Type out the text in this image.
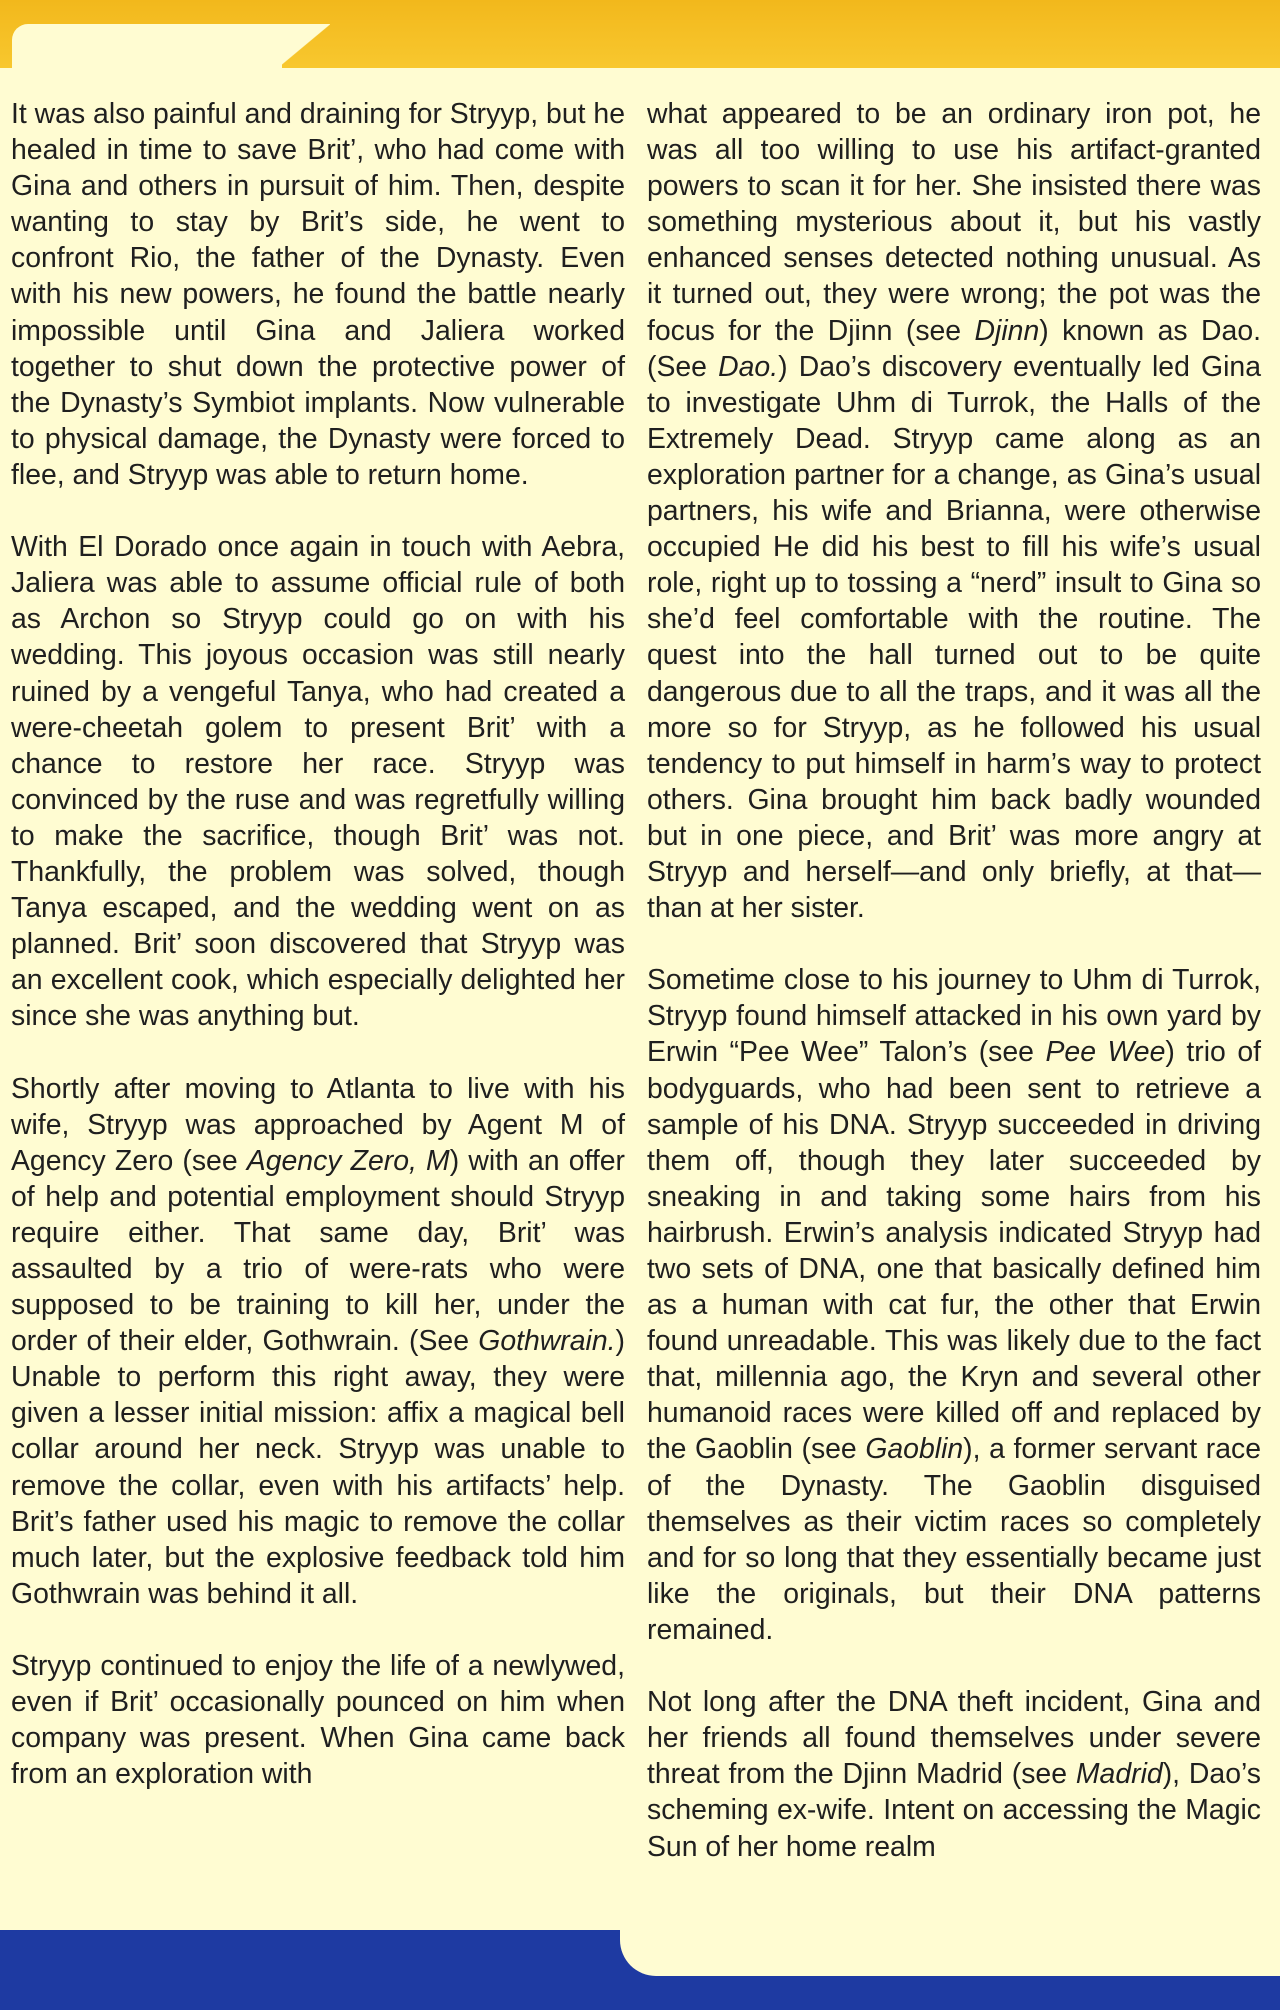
It was also painful and draining for Stryyp, but he healed in time to save Brit’, who had come with Gina and others in pursuit of him. Then, despite wanting to stay by Brit’s side, he went to confront Rio, the father of the Dynasty. Even with his new powers, he found the battle nearly impossible until Gina and Jaliera worked together to shut down the protective power of the Dynasty’s Symbiot implants. Now vulnerable to physical damage, the Dynasty were forced to flee, and Stryyp was able to return home.

With El Dorado once again in touch with Aebra, Jaliera was able to assume official rule of both as Archon so Stryyp could go on with his wedding. This joyous occasion was still nearly ruined by a vengeful Tanya, who had created a were-cheetah golem to present Brit’ with a chance to restore her race. Stryyp was convinced by the ruse and was regretfully willing to make the sacrifice, though Brit’ was not. Thankfully, the problem was solved, though Tanya escaped, and the wedding went on as planned. Brit’ soon discovered that Stryyp was an excellent cook, which especially delighted her since she was anything but.

Shortly after moving to Atlanta to live with his wife, Stryyp was approached by Agent M of Agency Zero (see Agency Zero, M) with an offer of help and potential employment should Stryyp require either. That same day, Brit’ was assaulted by a trio of were-rats who were supposed to be training to kill her, under the order of their elder, Gothwrain. (See Gothwrain.) Unable to perform this right away, they were given a lesser initial mission: affix a magical bell collar around her neck. Stryyp was unable to remove the collar, even with his artifacts’ help. Brit’s father used his magic to remove the collar much later, but the explosive feedback told him Gothwrain was behind it all.

Stryyp continued to enjoy the life of a newlywed, even if Brit’ occasionally pounced on him when company was present. When Gina came back from an exploration with

what appeared to be an ordinary iron pot, he was all too willing to use his artifact-granted powers to scan it for her. She insisted there was something mysterious about it, but his vastly enhanced senses detected nothing unusual. As it turned out, they were wrong; the pot was the focus for the Djinn (see Djinn) known as Dao. (See Dao.) Dao’s discovery eventually led Gina to investigate Uhm di Turrok, the Halls of the Extremely Dead. Stryyp came along as an exploration partner for a change, as Gina’s usual partners, his wife and Brianna, were otherwise occupied He did his best to fill his wife’s usual role, right up to tossing a “nerd” insult to Gina so she’d feel comfortable with the routine. The quest into the hall turned out to be quite dangerous due to all the traps, and it was all the more so for Stryyp, as he followed his usual tendency to put himself in harm’s way to protect others. Gina brought him back badly wounded but in one piece, and Brit’ was more angry at Stryyp and herself—and only briefly, at that—than at her sister.

Sometime close to his journey to Uhm di Turrok, Stryyp found himself attacked in his own yard by Erwin “Pee Wee” Talon’s (see Pee Wee) trio of bodyguards, who had been sent to retrieve a sample of his DNA. Stryyp succeeded in driving them off, though they later succeeded by sneaking in and taking some hairs from his hairbrush. Erwin’s analysis indicated Stryyp had two sets of DNA, one that basically defined him as a human with cat fur, the other that Erwin found unreadable. This was likely due to the fact that, millennia ago, the Kryn and several other humanoid races were killed off and replaced by the Gaoblin (see Gaoblin), a former servant race of the Dynasty. The Gaoblin disguised themselves as their victim races so completely and for so long that they essentially became just like the originals, but their DNA patterns remained.

Not long after the DNA theft incident, Gina and her friends all found themselves under severe threat from the Djinn Madrid (see Madrid), Dao’s scheming ex-wife. Intent on accessing the Magic Sun of her home realm
